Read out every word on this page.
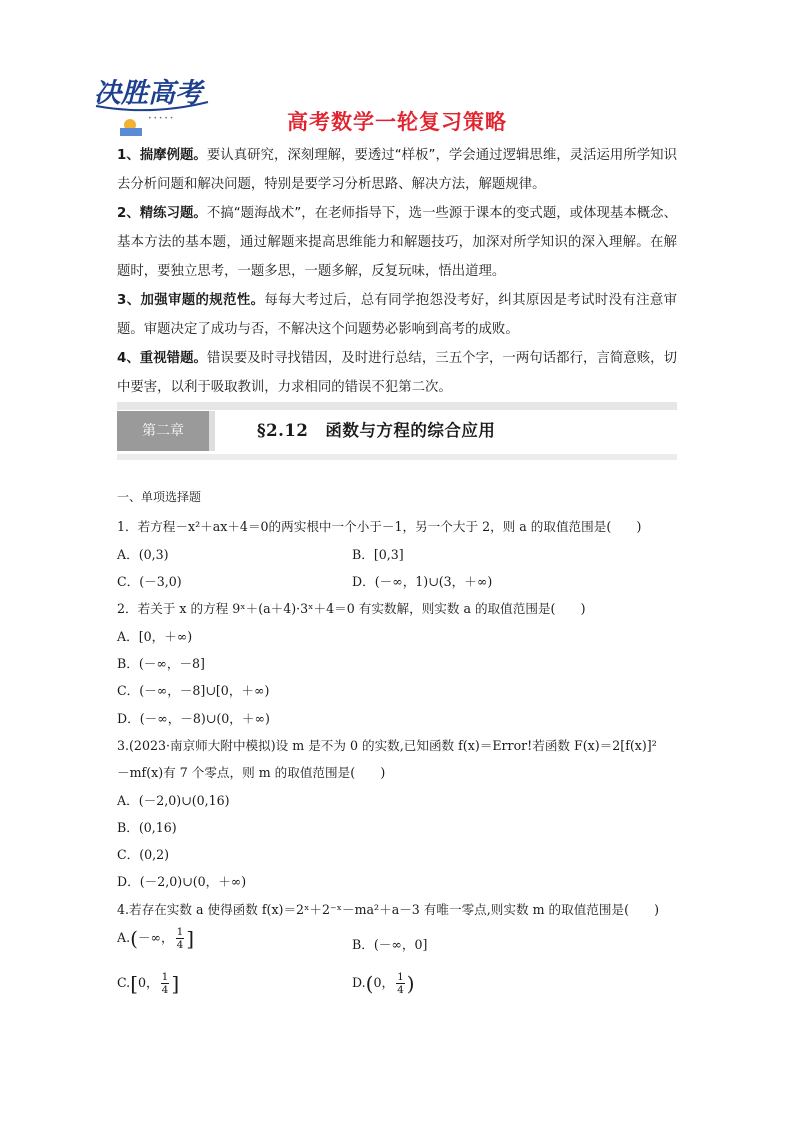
决胜高考
• • • • •	高考数学一轮复习策略

1、揣摩例题。要认真研究，深刻理解，要透过“样板”，学会通过逻辑思维，灵活运用所学知识去分析问题和解决问题，特别是要学习分析思路、解决方法，解题规律。

2、精练习题。不搞“题海战术”，在老师指导下，选一些源于课本的变式题，或体现基本概念、基本方法的基本题，通过解题来提高思维能力和解题技巧，加深对所学知识的深入理解。在解题时，要独立思考，一题多思，一题多解，反复玩味，悟出道理。

3、加强审题的规范性。每每大考过后，总有同学抱怨没考好，纠其原因是考试时没有注意审题。审题决定了成功与否，不解决这个问题势必影响到高考的成败。

4、重视错题。错误要及时寻找错因，及时进行总结，三五个字，一两句话都行，言简意赅，切中要害，以利于吸取教训，力求相同的错误不犯第二次。

第二章	§2.12　函数与方程的综合应用
一、单项选择题
1．若方程－x²＋ax＋4＝0的两实根中一个小于－1，另一个大于 2，则 a 的取值范围是(　　)
A．(0,3)	B．[0,3]
C．(－3,0)	D．(－∞，1)∪(3，＋∞)
2．若关于 x 的方程 9ˣ＋(a＋4)·3ˣ＋4＝0 有实数解，则实数 a 的取值范围是(　　)
A．[0，＋∞)
B．(－∞，－8]
C．(－∞，－8]∪[0，＋∞)
D．(－∞，－8)∪(0，＋∞)
3.(2023·南京师大附中模拟)设 m 是不为 0 的实数,已知函数 f(x)＝Error!若函数 F(x)＝2[f(x)]²
－mf(x)有 7 个零点，则 m 的取值范围是(　　)
A．(－2,0)∪(0,16)
B．(0,16)
C．(0,2)
D．(－2,0)∪(0，＋∞)
4.若存在实数 a 使得函数 f(x)＝2ˣ＋2⁻ˣ－ma²＋a－3 有唯一零点,则实数 m 的取值范围是(　　)
A.(－∞， $\frac{1}{4}$ ]	B．(－∞，0]
C.[0， $\frac{1}{4}$ ]	D.(0， $\frac{1}{4}$ )
